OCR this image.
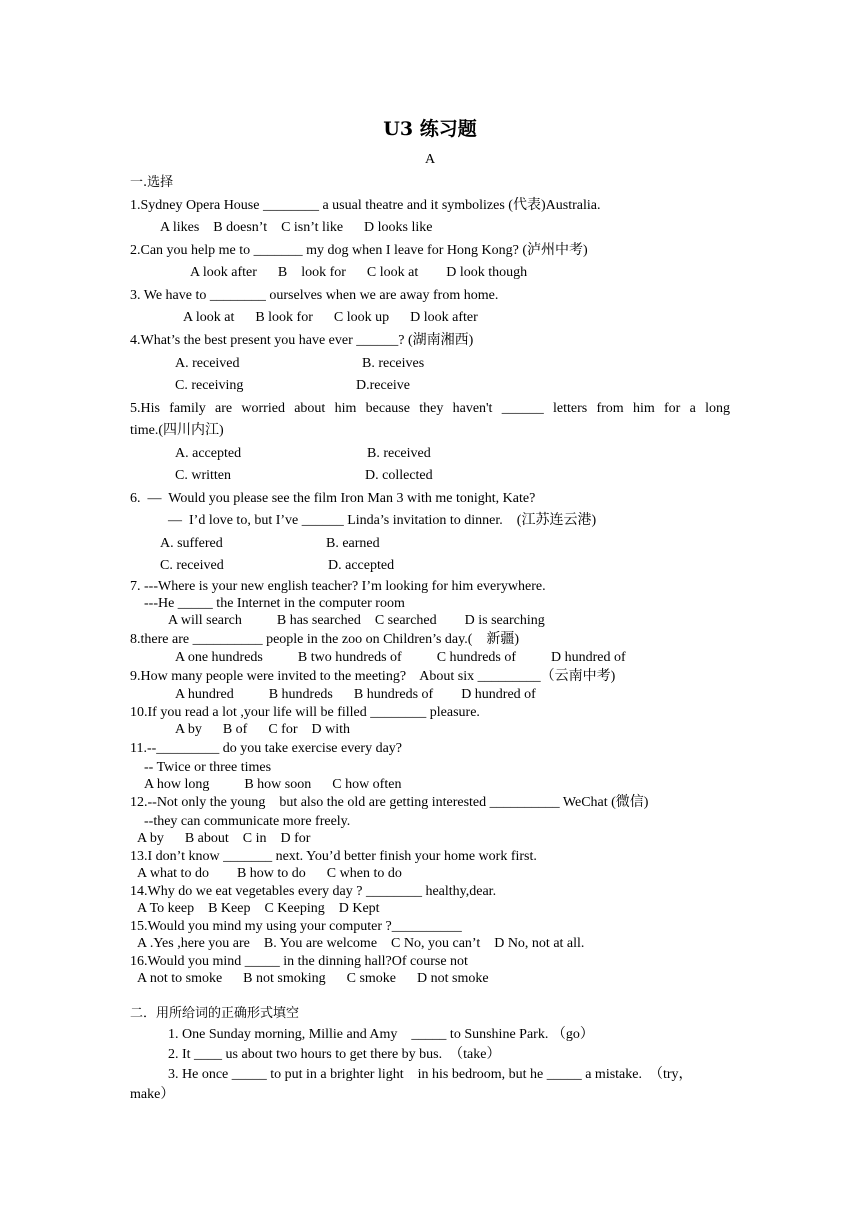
U3 练习题
A
一.选择
1.Sydney Opera House ________ a usual theatre and it symbolizes (代表)Australia.
A likes    B doesn’t    C isn’t like      D looks like
2.Can you help me to _______ my dog when I leave for Hong Kong? (泸州中考)
A look after      B    look for      C look at        D look though
3. We have to ________ ourselves when we are away from home.
A look at      B look for      C look up      D look after
4.What’s the best present you have ever ______? (湖南湘西)
A. received	B. receives
C. receiving	D.receive
5.His family are worried about him because they haven't ______ letters from him for a long
time.(四川内江)
A. accepted	B. received
C. written	D. collected
6.  —  Would you please see the film Iron Man 3 with me tonight, Kate?
—  I’d love to, but I’ve ______ Linda’s invitation to dinner.    (江苏连云港)
A. suffered	B. earned
C. received	D. accepted
7. ---Where is your new english teacher? I’m looking for him everywhere.
---He _____ the Internet in the computer room
A will search          B has searched    C searched        D is searching
8.there are __________ people in the zoo on Children’s day.(    新疆)
A one hundreds          B two hundreds of          C hundreds of          D hundred of
9.How many people were invited to the meeting?    About six _________（云南中考)
A hundred          B hundreds      B hundreds of        D hundred of
10.If you read a lot ,your life will be filled ________ pleasure.
A by      B of      C for    D with
11.--_________ do you take exercise every day?
-- Twice or three times
A how long          B how soon      C how often
12.--Not only the young    but also the old are getting interested __________ WeChat (微信)
--they can communicate more freely.
A by      B about    C in    D for
13.I don’t know _______ next. You’d better finish your home work first.
A what to do        B how to do      C when to do
14.Why do we eat vegetables every day ? ________ healthy,dear.
A To keep    B Keep    C Keeping    D Kept
15.Would you mind my using your computer ?__________
A .Yes ,here you are    B. You are welcome    C No, you can’t    D No, not at all.
16.Would you mind _____ in the dinning hall?Of course not
A not to smoke      B not smoking      C smoke      D not smoke
二．用所给词的正确形式填空
1. One Sunday morning, Millie and Amy    _____ to Sunshine Park. （go）
2. It ____ us about two hours to get there by bus.  （take）
3. He once _____ to put in a brighter light    in his bedroom, but he _____ a mistake.  （try，
make）
